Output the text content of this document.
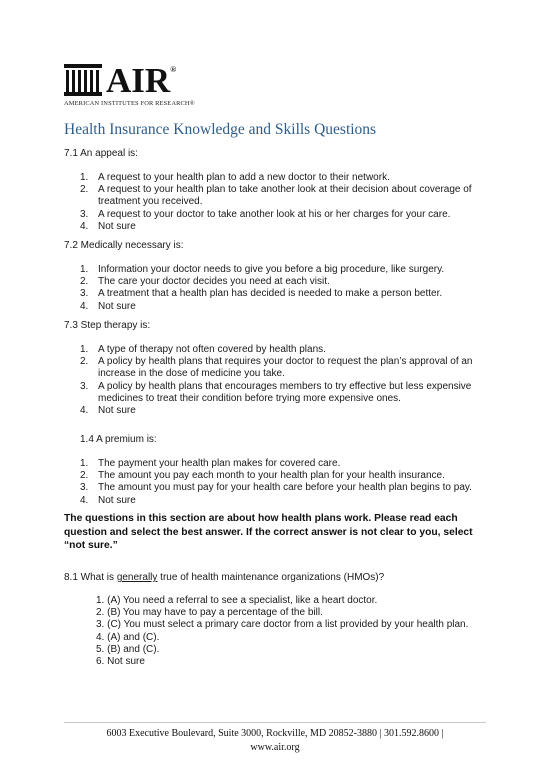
AIR®
AMERICAN INSTITUTES FOR RESEARCH®
Health Insurance Knowledge and Skills Questions
7.1 An appeal is:
1. A request to your health plan to add a new doctor to their network.
2. A request to your health plan to take another look at their decision about coverage of treatment you received.
3. A request to your doctor to take another look at his or her charges for your care.
4. Not sure
7.2 Medically necessary is:
1. Information your doctor needs to give you before a big procedure, like surgery.
2. The care your doctor decides you need at each visit.
3. A treatment that a health plan has decided is needed to make a person better.
4. Not sure
7.3 Step therapy is:
1. A type of therapy not often covered by health plans.
2. A policy by health plans that requires your doctor to request the plan’s approval of an increase in the dose of medicine you take.
3. A policy by health plans that encourages members to try effective but less expensive medicines to treat their condition before trying more expensive ones.
4. Not sure
1.4 A premium is:
1. The payment your health plan makes for covered care.
2. The amount you pay each month to your health plan for your health insurance.
3. The amount you must pay for your health care before your health plan begins to pay.
4. Not sure
The questions in this section are about how health plans work. Please read each question and select the best answer. If the correct answer is not clear to you, select “not sure.”
8.1 What is generally true of health maintenance organizations (HMOs)?
1. (A) You need a referral to see a specialist, like a heart doctor.
2. (B) You may have to pay a percentage of the bill.
3. (C) You must select a primary care doctor from a list provided by your health plan.
4. (A) and (C).
5. (B) and (C).
6. Not sure
6003 Executive Boulevard, Suite 3000, Rockville, MD 20852-3880 | 301.592.8600 |
www.air.org
